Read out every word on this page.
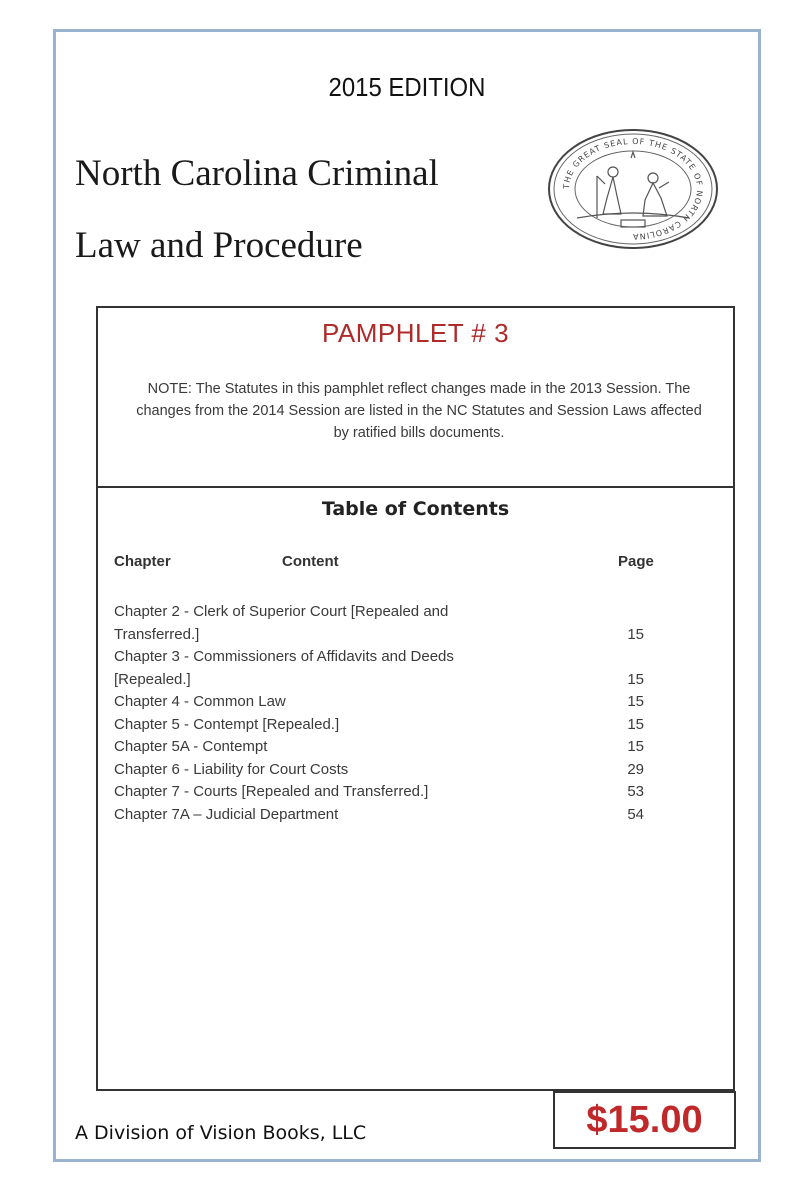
2015 EDITION
North Carolina Criminal
Law and Procedure
THE GREAT SEAL OF THE STATE OF NORTH CAROLINA
PAMPHLET # 3
NOTE: The Statutes in this pamphlet reflect changes made in the 2013 Session. The changes from the 2014 Session are listed in the NC Statutes and Session Laws affected by ratified bills documents.
Table of Contents
Chapter	Content	Page
Chapter 2 - Clerk of Superior Court [Repealed and Transferred.]	15
Chapter 3 - Commissioners of Affidavits and Deeds [Repealed.]	15
Chapter 4 - Common Law	15
Chapter 5 - Contempt [Repealed.]	15
Chapter 5A - Contempt	15
Chapter 6 - Liability for Court Costs	29
Chapter 7 - Courts [Repealed and Transferred.]	53
Chapter 7A – Judicial Department	54
A Division of Vision Books, LLC	$15.00
